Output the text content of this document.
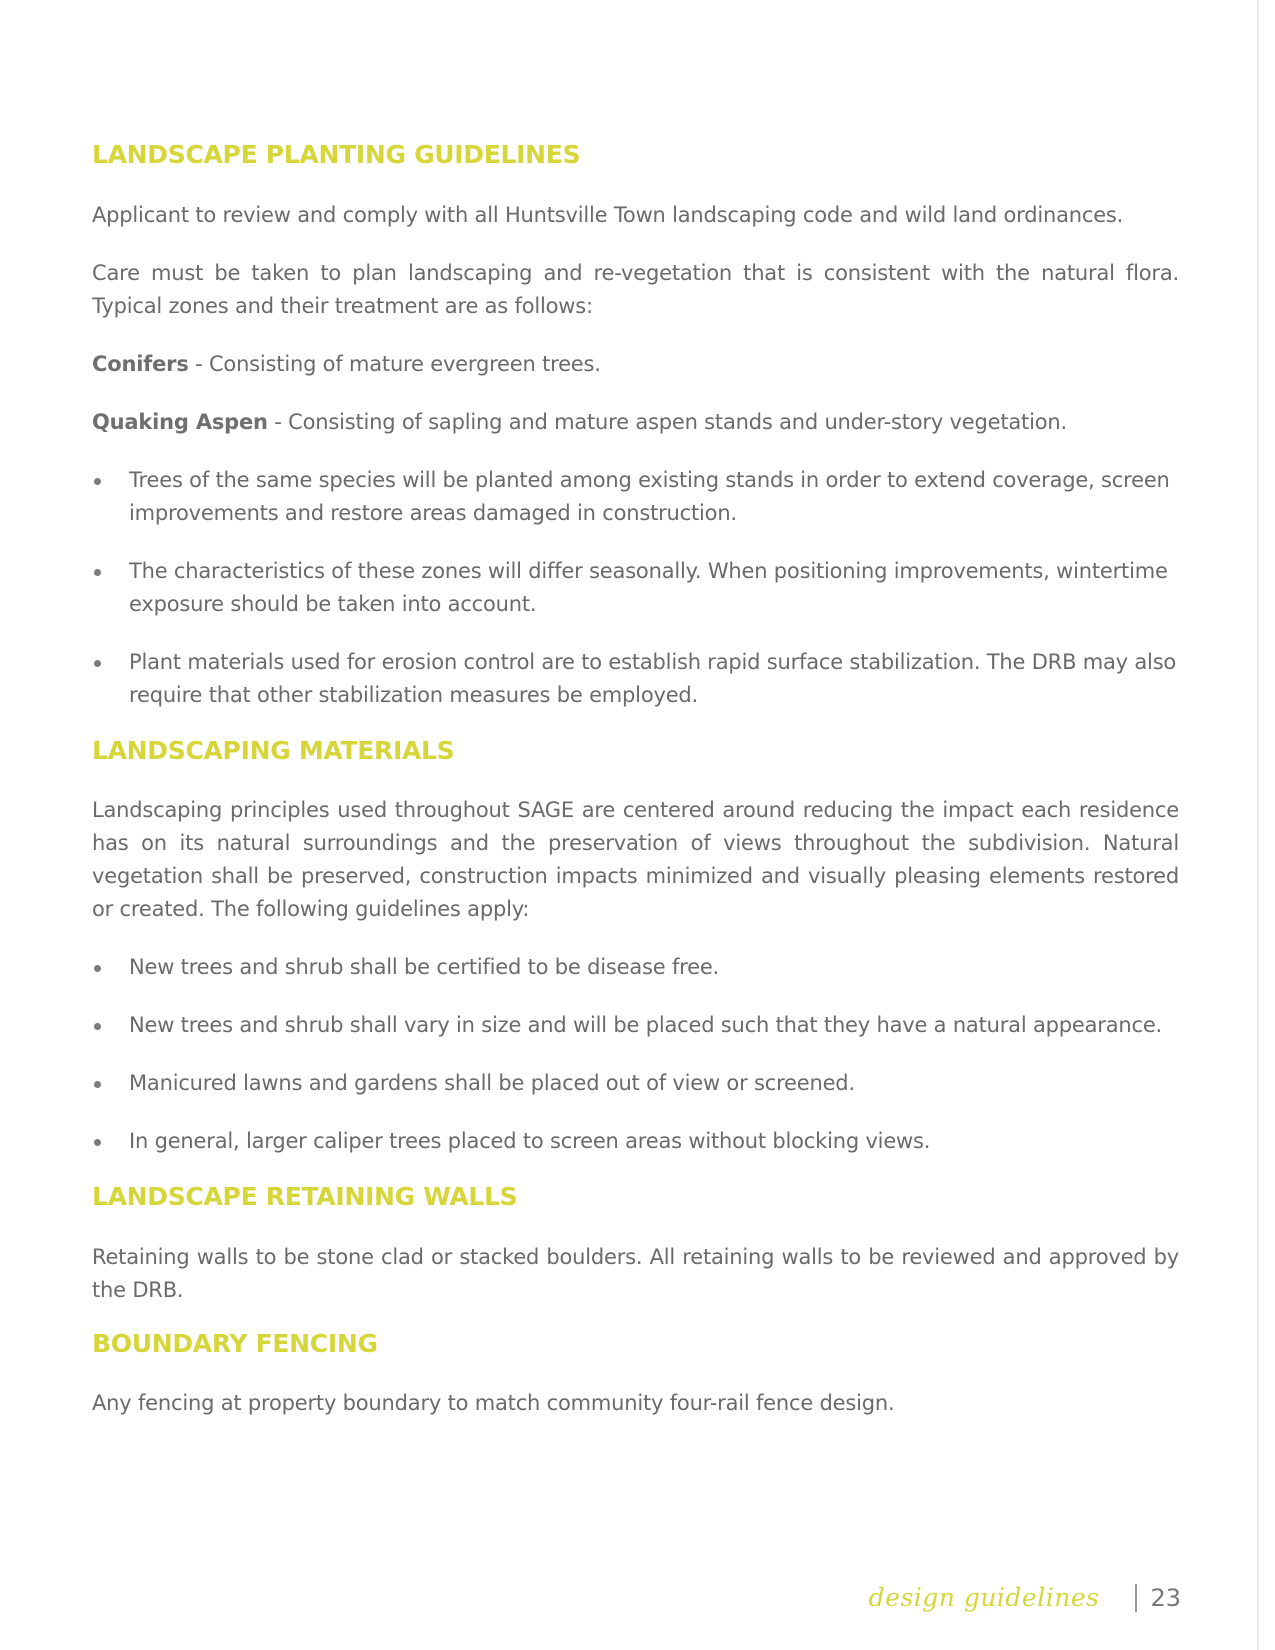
LANDSCAPE PLANTING GUIDELINES

Applicant to review and comply with all Huntsville Town landscaping code and wild land ordinances.

Care must be taken to plan landscaping and re-vegetation that is consistent with the natural flora. Typical zones and their treatment are as follows:

Conifers - Consisting of mature evergreen trees.

Quaking Aspen - Consisting of sapling and mature aspen stands and under-story vegetation.

Trees of the same species will be planted among existing stands in order to extend coverage, screen improvements and restore areas damaged in construction.
The characteristics of these zones will differ seasonally. When positioning improvements, wintertime exposure should be taken into account.
Plant materials used for erosion control are to establish rapid surface stabilization. The DRB may also require that other stabilization measures be employed.
LANDSCAPING MATERIALS

Landscaping principles used throughout SAGE are centered around reducing the impact each residence has on its natural surroundings and the preservation of views throughout the subdivision. Natural vegetation shall be preserved, construction impacts minimized and visually pleasing elements restored or created. The following guidelines apply:

New trees and shrub shall be certified to be disease free.
New trees and shrub shall vary in size and will be placed such that they have a natural appearance.
Manicured lawns and gardens shall be placed out of view or screened.
In general, larger caliper trees placed to screen areas without blocking views.
LANDSCAPE RETAINING WALLS

Retaining walls to be stone clad or stacked boulders. All retaining walls to be reviewed and approved by the DRB.

BOUNDARY FENCING

Any fencing at property boundary to match community four-rail fence design.

design guidelines 23
